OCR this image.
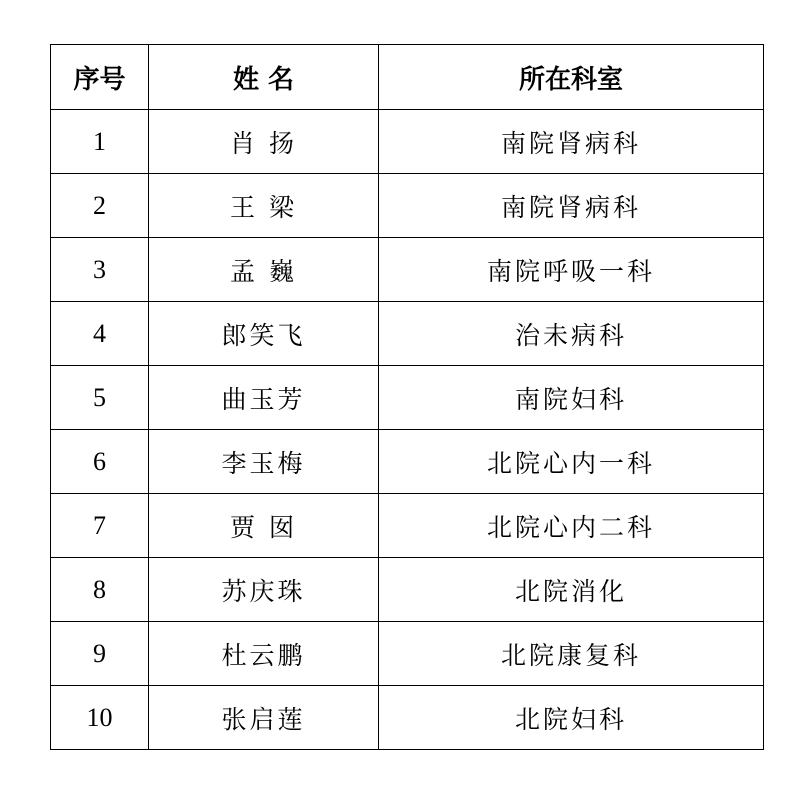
序号	姓 名	所在科室
1	肖 扬	南院肾病科
2	王 梁	南院肾病科
3	孟 巍	南院呼吸一科
4	郎笑飞	治未病科
5	曲玉芳	南院妇科
6	李玉梅	北院心内一科
7	贾 囡	北院心内二科
8	苏庆珠	北院消化
9	杜云鹏	北院康复科
10	张启莲	北院妇科
